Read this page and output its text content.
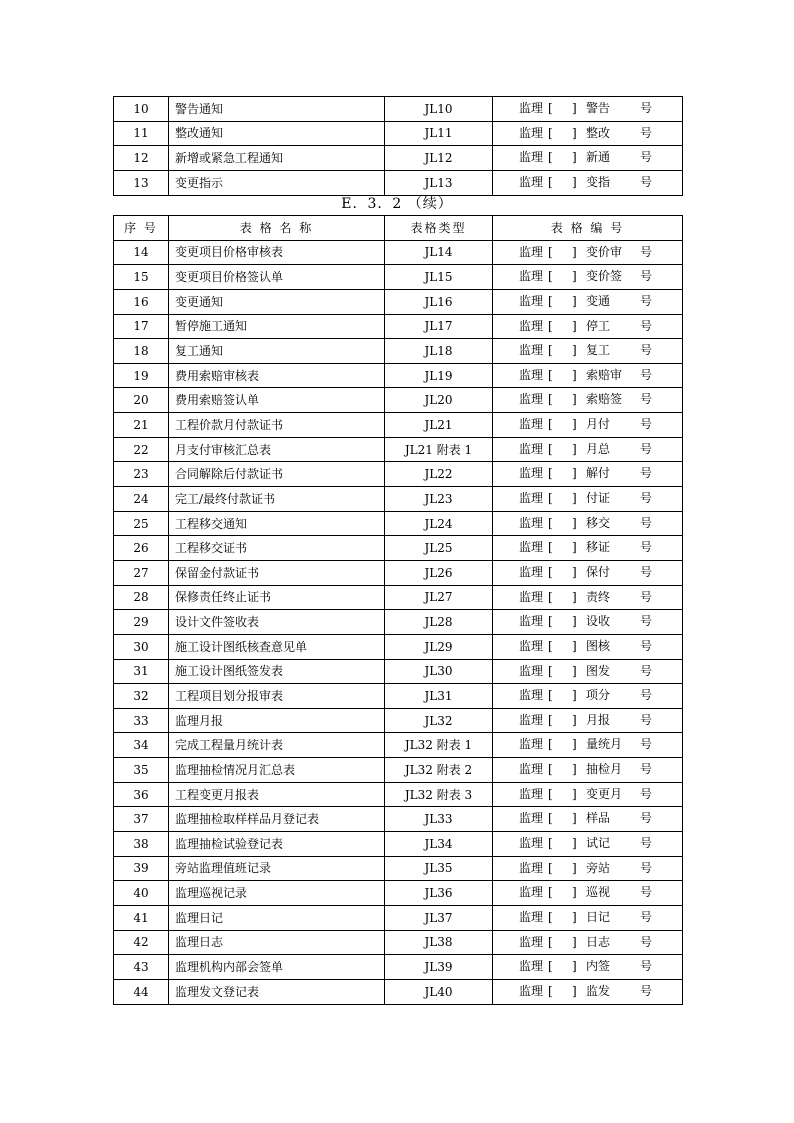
10	警告通知	JL10	监理 [ ] 警告 号

11	整改通知	JL11	监理 [ ] 整改 号

12	新增或紧急工程通知	JL12	监理 [ ] 新通 号

13	变更指示	JL13	监理 [ ] 变指 号
E．3．2 （续）
序 号	表 格 名 称	表格类型	表 格 编 号
14	变更项目价格审核表	JL14	监理 [ ] 变价审 号

15	变更项目价格签认单	JL15	监理 [ ] 变价签 号

16	变更通知	JL16	监理 [ ] 变通 号

17	暂停施工通知	JL17	监理 [ ] 停工 号

18	复工通知	JL18	监理 [ ] 复工 号

19	费用索赔审核表	JL19	监理 [ ] 索赔审 号

20	费用索赔签认单	JL20	监理 [ ] 索赔签 号

21	工程价款月付款证书	JL21	监理 [ ] 月付 号

22	月支付审核汇总表	JL21 附表 1	监理 [ ] 月总 号

23	合同解除后付款证书	JL22	监理 [ ] 解付 号

24	完工/最终付款证书	JL23	监理 [ ] 付证 号

25	工程移交通知	JL24	监理 [ ] 移交 号

26	工程移交证书	JL25	监理 [ ] 移证 号

27	保留金付款证书	JL26	监理 [ ] 保付 号

28	保修责任终止证书	JL27	监理 [ ] 责终 号

29	设计文件签收表	JL28	监理 [ ] 设收 号

30	施工设计图纸核查意见单	JL29	监理 [ ] 图核 号

31	施工设计图纸签发表	JL30	监理 [ ] 图发 号

32	工程项目划分报审表	JL31	监理 [ ] 项分 号

33	监理月报	JL32	监理 [ ] 月报 号

34	完成工程量月统计表	JL32 附表 1	监理 [ ] 量统月 号

35	监理抽检情况月汇总表	JL32 附表 2	监理 [ ] 抽检月 号

36	工程变更月报表	JL32 附表 3	监理 [ ] 变更月 号

37	监理抽检取样样品月登记表	JL33	监理 [ ] 样品 号

38	监理抽检试验登记表	JL34	监理 [ ] 试记 号

39	旁站监理值班记录	JL35	监理 [ ] 旁站 号

40	监理巡视记录	JL36	监理 [ ] 巡视 号

41	监理日记	JL37	监理 [ ] 日记 号

42	监理日志	JL38	监理 [ ] 日志 号

43	监理机构内部会签单	JL39	监理 [ ] 内签 号

44	监理发文登记表	JL40	监理 [ ] 监发 号
